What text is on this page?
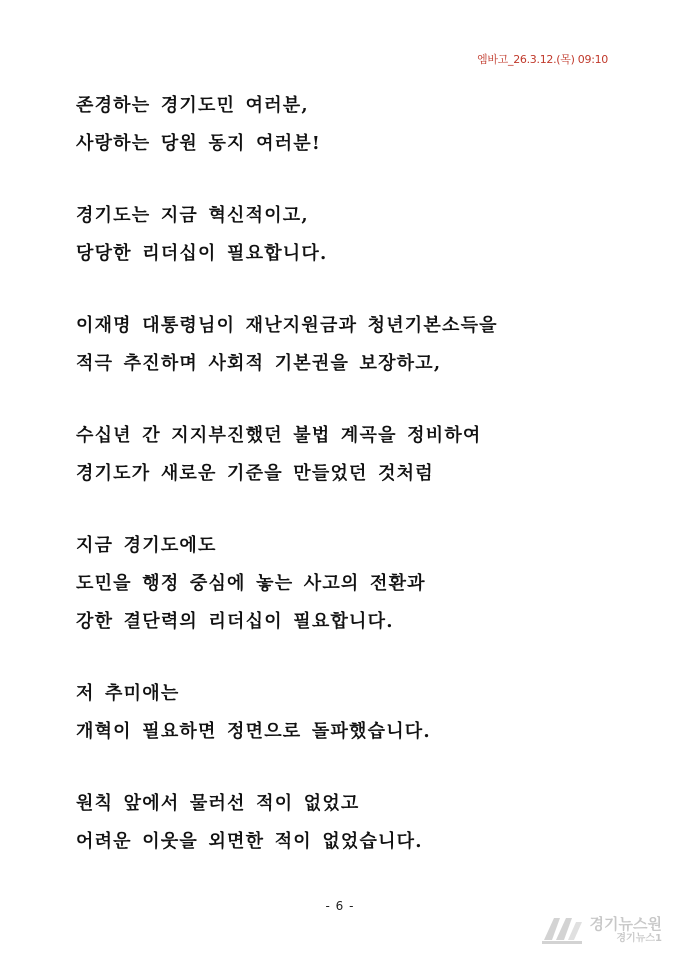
엠바고_26.3.12.(목) 09:10
존경하는 경기도민 여러분,
사랑하는 당원 동지 여러분!
경기도는 지금 혁신적이고,
당당한 리더십이 필요합니다.
이재명 대통령님이 재난지원금과 청년기본소득을
적극 추진하며 사회적 기본권을 보장하고,
수십년 간 지지부진했던 불법 계곡을 정비하여
경기도가 새로운 기준을 만들었던 것처럼
지금 경기도에도
도민을 행정 중심에 놓는 사고의 전환과
강한 결단력의 리더십이 필요합니다.
저 추미애는
개혁이 필요하면 정면으로 돌파했습니다.
원칙 앞에서 물러선 적이 없었고
어려운 이웃을 외면한 적이 없었습니다.
- 6 -
경기뉴스원
경기뉴스1
